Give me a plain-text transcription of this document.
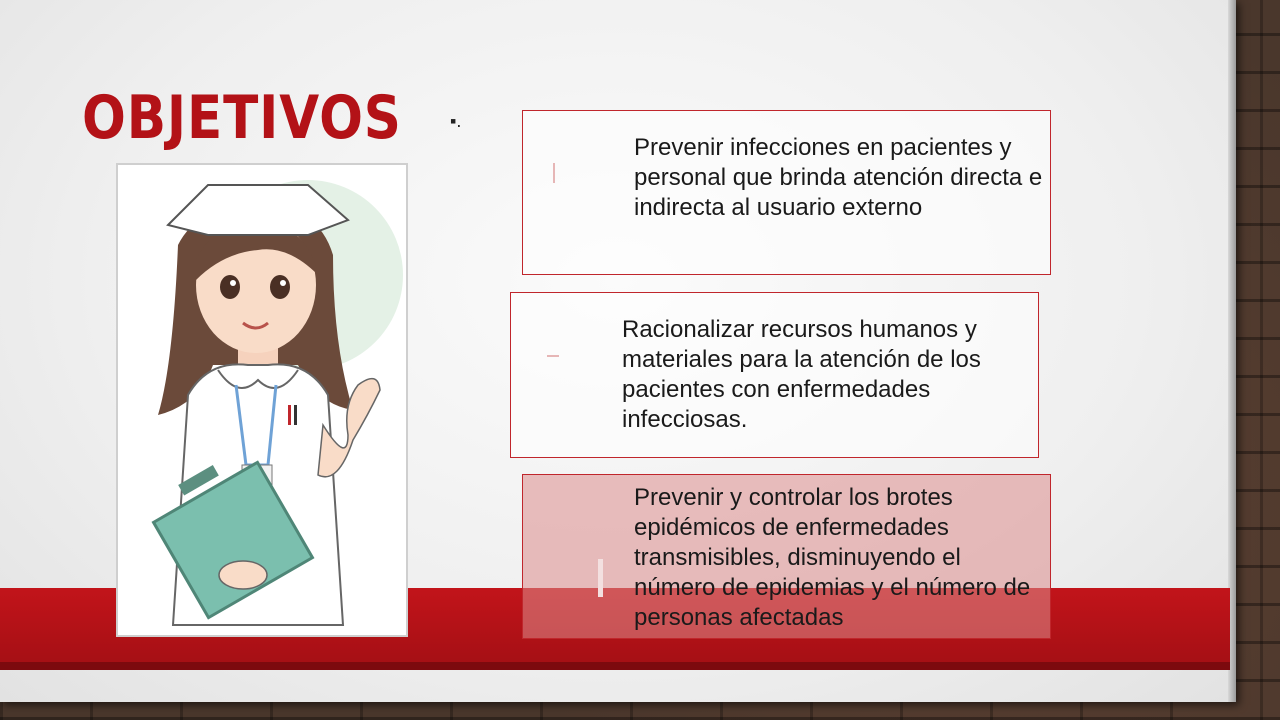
OBJETIVOS	▪.
Prevenir infecciones en pacientes y personal que brinda atención directa e indirecta al usuario externo
Racionalizar recursos humanos y materiales para la atención de los pacientes con enfermedades infecciosas.
Prevenir y controlar los brotes epidémicos de enfermedades transmisibles, disminuyendo el número de epidemias y el número de personas afectadas
